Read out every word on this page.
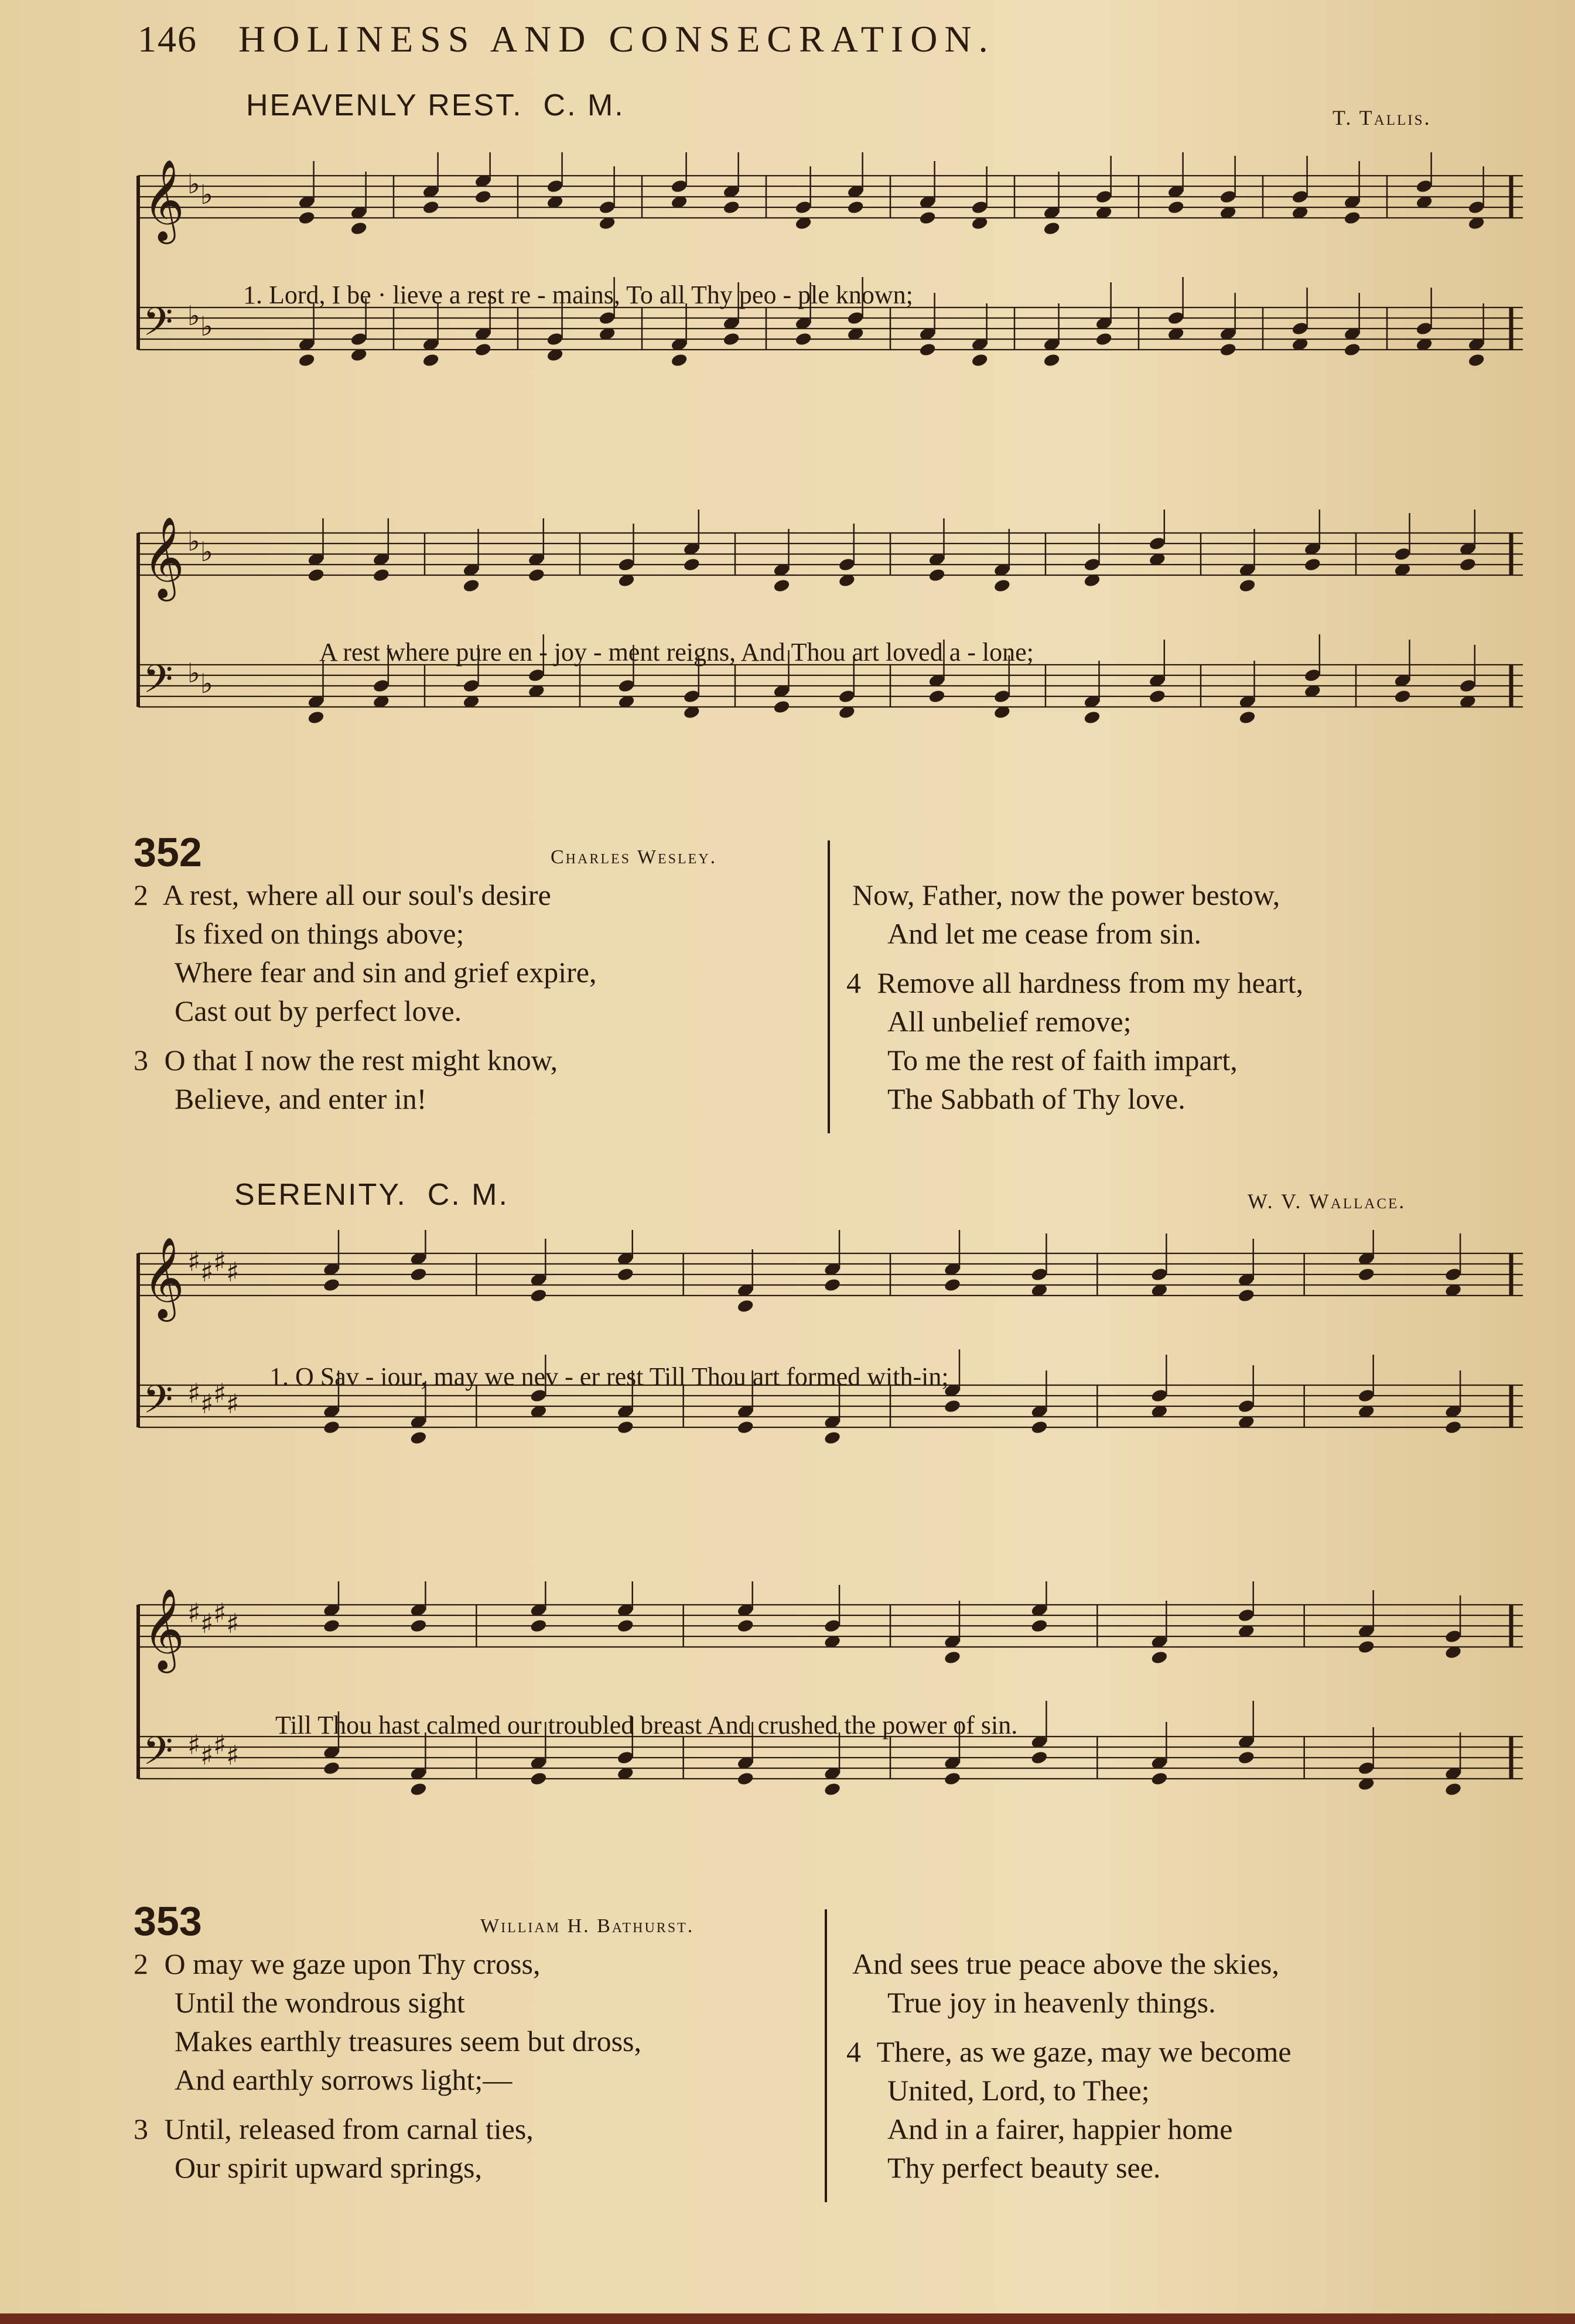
146 HOLINESS AND CONSECRATION.
HEAVENLY REST. C. M.	T. Tallis.
𝄞 ♭ ♭
𝄢 ♭ ♭
1. Lord, I be · lieve a rest re - mains, To all Thy peo - ple known;
𝄞 ♭ ♭
𝄢 ♭ ♭
A rest where pure en - joy - ment reigns, And Thou art loved a - lone;
352	Charles Wesley.
2 A rest, where all our soul's desire
Is fixed on things above;
Where fear and sin and grief expire,
Cast out by perfect love.
3 O that I now the rest might know,
Believe, and enter in!
Now, Father, now the power bestow,
And let me cease from sin.
4 Remove all hardness from my heart,
All unbelief remove;
To me the rest of faith impart,
The Sabbath of Thy love.
SERENITY. C. M.	W. V. Wallace.
𝄞 ♯ ♯ ♯ ♯
𝄢 ♯ ♯ ♯ ♯
1. O Sav - iour, may we nev - er rest Till Thou art formed with-in;
𝄞 ♯ ♯ ♯ ♯
𝄢 ♯ ♯ ♯ ♯
Till Thou hast calmed our troubled breast And crushed the power of sin.
353	William H. Bathurst.
2 O may we gaze upon Thy cross,
Until the wondrous sight
Makes earthly treasures seem but dross,
And earthly sorrows light;—
3 Until, released from carnal ties,
Our spirit upward springs,
And sees true peace above the skies,
True joy in heavenly things.
4 There, as we gaze, may we become
United, Lord, to Thee;
And in a fairer, happier home
Thy perfect beauty see.
